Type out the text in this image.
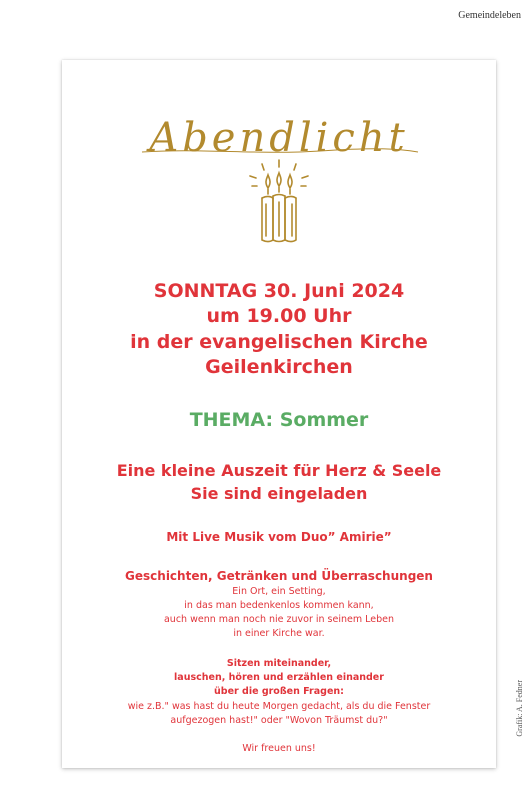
Gemeindeleben
Abendlicht
SONNTAG 30. Juni 2024
um 19.00 Uhr
in der evangelischen Kirche
Geilenkirchen
THEMA: Sommer
Eine kleine Auszeit für Herz & Seele
Sie sind eingeladen
Mit Live Musik vom Duo” Amirie”
Geschichten, Getränken und Überraschungen
Ein Ort, ein Setting,
in das man bedenkenlos kommen kann,
auch wenn man noch nie zuvor in seinem Leben
in einer Kirche war.
Sitzen miteinander,
lauschen, hören und erzählen einander
über die großen Fragen:
wie z.B." was hast du heute Morgen gedacht, als du die Fenster
aufgezogen hast!" oder "Wovon Träumst du?"
Wir freuen uns!
Grafik: A. Fedner
